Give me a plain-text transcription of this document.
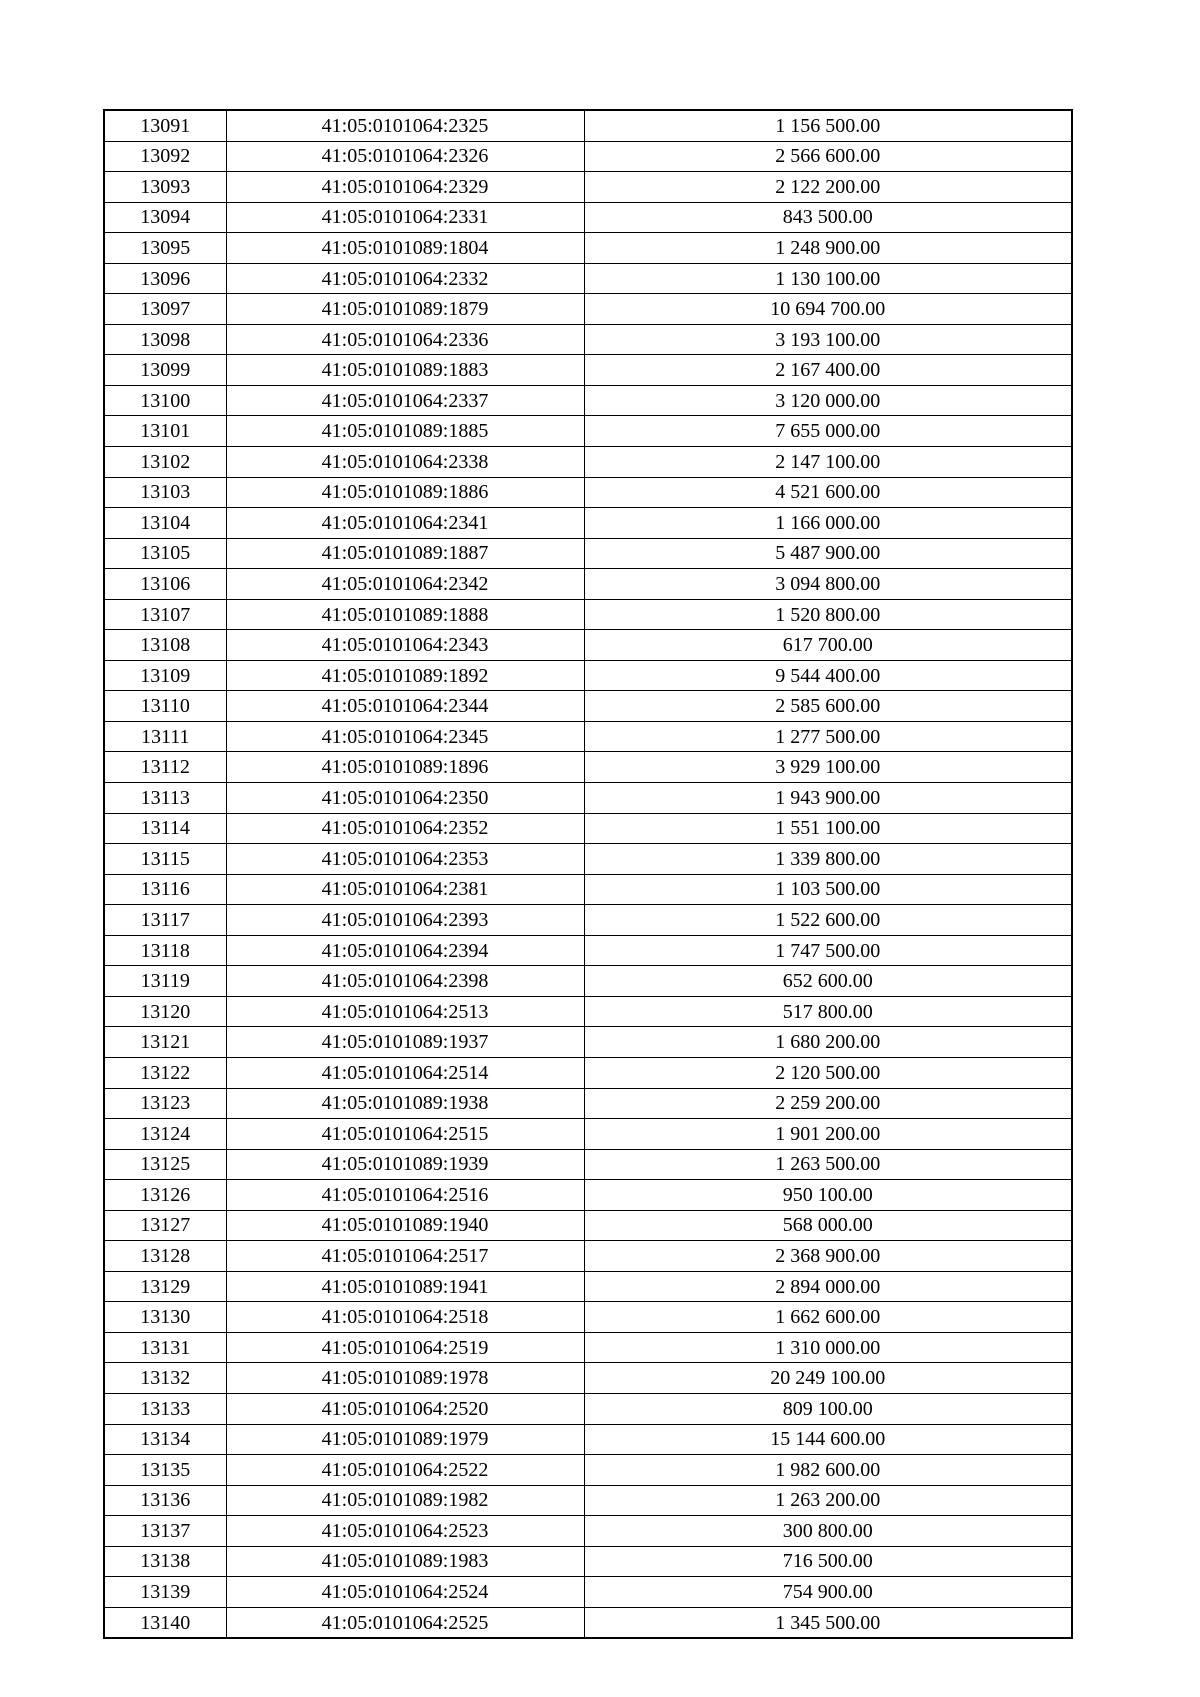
13091	41:05:0101064:2325	1 156 500.00
13092	41:05:0101064:2326	2 566 600.00
13093	41:05:0101064:2329	2 122 200.00
13094	41:05:0101064:2331	843 500.00
13095	41:05:0101089:1804	1 248 900.00
13096	41:05:0101064:2332	1 130 100.00
13097	41:05:0101089:1879	10 694 700.00
13098	41:05:0101064:2336	3 193 100.00
13099	41:05:0101089:1883	2 167 400.00
13100	41:05:0101064:2337	3 120 000.00
13101	41:05:0101089:1885	7 655 000.00
13102	41:05:0101064:2338	2 147 100.00
13103	41:05:0101089:1886	4 521 600.00
13104	41:05:0101064:2341	1 166 000.00
13105	41:05:0101089:1887	5 487 900.00
13106	41:05:0101064:2342	3 094 800.00
13107	41:05:0101089:1888	1 520 800.00
13108	41:05:0101064:2343	617 700.00
13109	41:05:0101089:1892	9 544 400.00
13110	41:05:0101064:2344	2 585 600.00
13111	41:05:0101064:2345	1 277 500.00
13112	41:05:0101089:1896	3 929 100.00
13113	41:05:0101064:2350	1 943 900.00
13114	41:05:0101064:2352	1 551 100.00
13115	41:05:0101064:2353	1 339 800.00
13116	41:05:0101064:2381	1 103 500.00
13117	41:05:0101064:2393	1 522 600.00
13118	41:05:0101064:2394	1 747 500.00
13119	41:05:0101064:2398	652 600.00
13120	41:05:0101064:2513	517 800.00
13121	41:05:0101089:1937	1 680 200.00
13122	41:05:0101064:2514	2 120 500.00
13123	41:05:0101089:1938	2 259 200.00
13124	41:05:0101064:2515	1 901 200.00
13125	41:05:0101089:1939	1 263 500.00
13126	41:05:0101064:2516	950 100.00
13127	41:05:0101089:1940	568 000.00
13128	41:05:0101064:2517	2 368 900.00
13129	41:05:0101089:1941	2 894 000.00
13130	41:05:0101064:2518	1 662 600.00
13131	41:05:0101064:2519	1 310 000.00
13132	41:05:0101089:1978	20 249 100.00
13133	41:05:0101064:2520	809 100.00
13134	41:05:0101089:1979	15 144 600.00
13135	41:05:0101064:2522	1 982 600.00
13136	41:05:0101089:1982	1 263 200.00
13137	41:05:0101064:2523	300 800.00
13138	41:05:0101089:1983	716 500.00
13139	41:05:0101064:2524	754 900.00
13140	41:05:0101064:2525	1 345 500.00
